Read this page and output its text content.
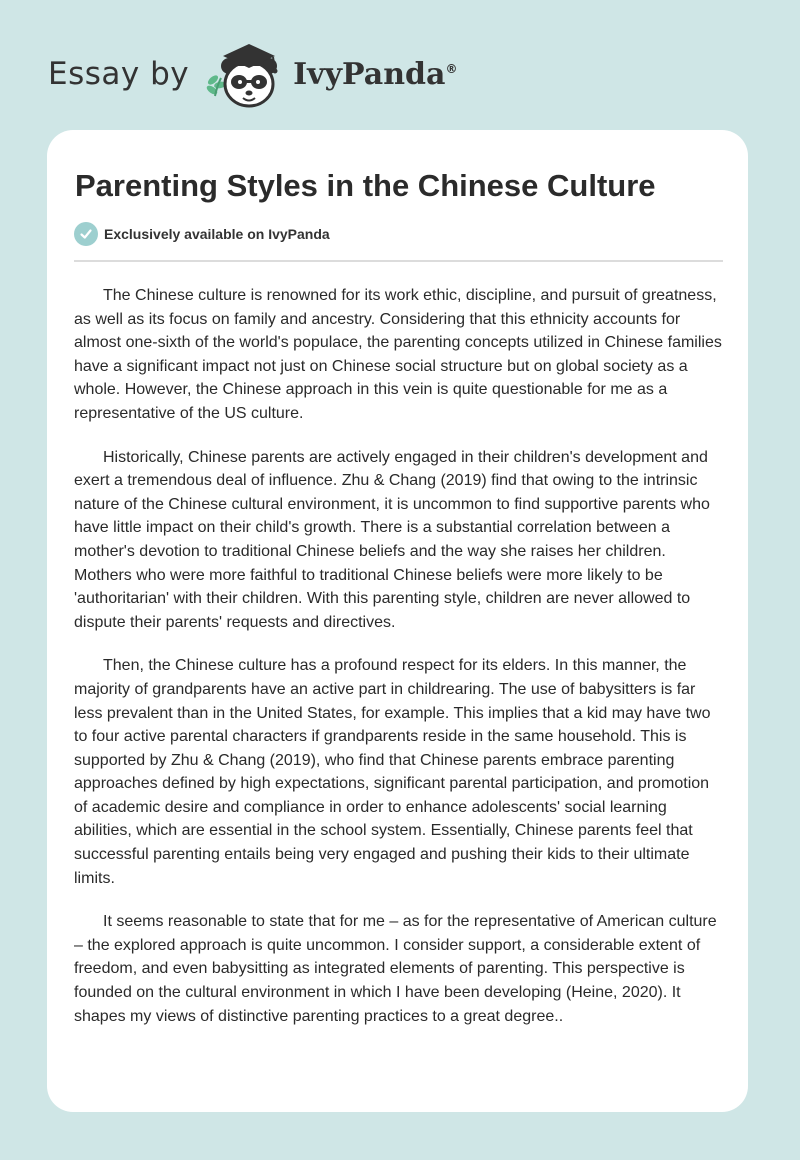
Essay by	IvyPanda®
Parenting Styles in the Chinese Culture
Exclusively available on IvyPanda

The Chinese culture is renowned for its work ethic, discipline, and pursuit of greatness, as well as its focus on family and ancestry. Considering that this ethnicity accounts for almost one-sixth of the world's populace, the parenting concepts utilized in Chinese families have a significant impact not just on Chinese social structure but on global society as a whole. However, the Chinese approach in this vein is quite questionable for me as a representative of the US culture.

Historically, Chinese parents are actively engaged in their children's development and exert a tremendous deal of influence. Zhu & Chang (2019) find that owing to the intrinsic nature of the Chinese cultural environment, it is uncommon to find supportive parents who have little impact on their child's growth. There is a substantial correlation between a mother's devotion to traditional Chinese beliefs and the way she raises her children. Mothers who were more faithful to traditional Chinese beliefs were more likely to be 'authoritarian' with their children. With this parenting style, children are never allowed to dispute their parents' requests and directives.

Then, the Chinese culture has a profound respect for its elders. In this manner, the majority of grandparents have an active part in childrearing. The use of babysitters is far less prevalent than in the United States, for example. This implies that a kid may have two to four active parental characters if grandparents reside in the same household. This is supported by Zhu & Chang (2019), who find that Chinese parents embrace parenting approaches defined by high expectations, significant parental participation, and promotion of academic desire and compliance in order to enhance adolescents' social learning abilities, which are essential in the school system. Essentially, Chinese parents feel that successful parenting entails being very engaged and pushing their kids to their ultimate limits.

It seems reasonable to state that for me – as for the representative of American culture – the explored approach is quite uncommon. I consider support, a considerable extent of freedom, and even babysitting as integrated elements of parenting. This perspective is founded on the cultural environment in which I have been developing (Heine, 2020). It shapes my views of distinctive parenting practices to a great degree..
